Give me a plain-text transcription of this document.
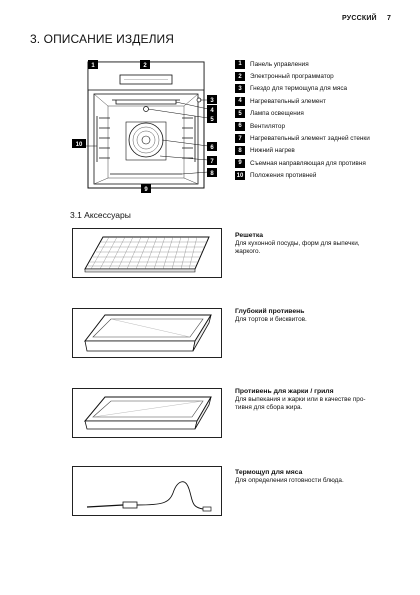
РУССКИЙ 7
3. ОПИСАНИЕ ИЗДЕЛИЯ
1	2
3
4
5
6
7
8
9
10
1	Панель управления
2	Электронный программатор
3	Гнездо для термощупа для мяса
4	Нагревательный элемент
5	Лампа освещения
6	Вентилятор
7	Нагревательный элемент задней стенки
8	Нижний нагрев
9	Съемная направляющая для противня
10 Положения противней
3.1 Аксессуары
Решетка
Для кухонной посуды, форм для выпечки,
жаркого.
Глубокий противень
Для тортов и бисквитов.
Противень для жарки / гриля
Для выпекания и жарки или в качестве про-
тивня для сбора жира.
Термощуп для мяса
Для определения готовности блюда.
